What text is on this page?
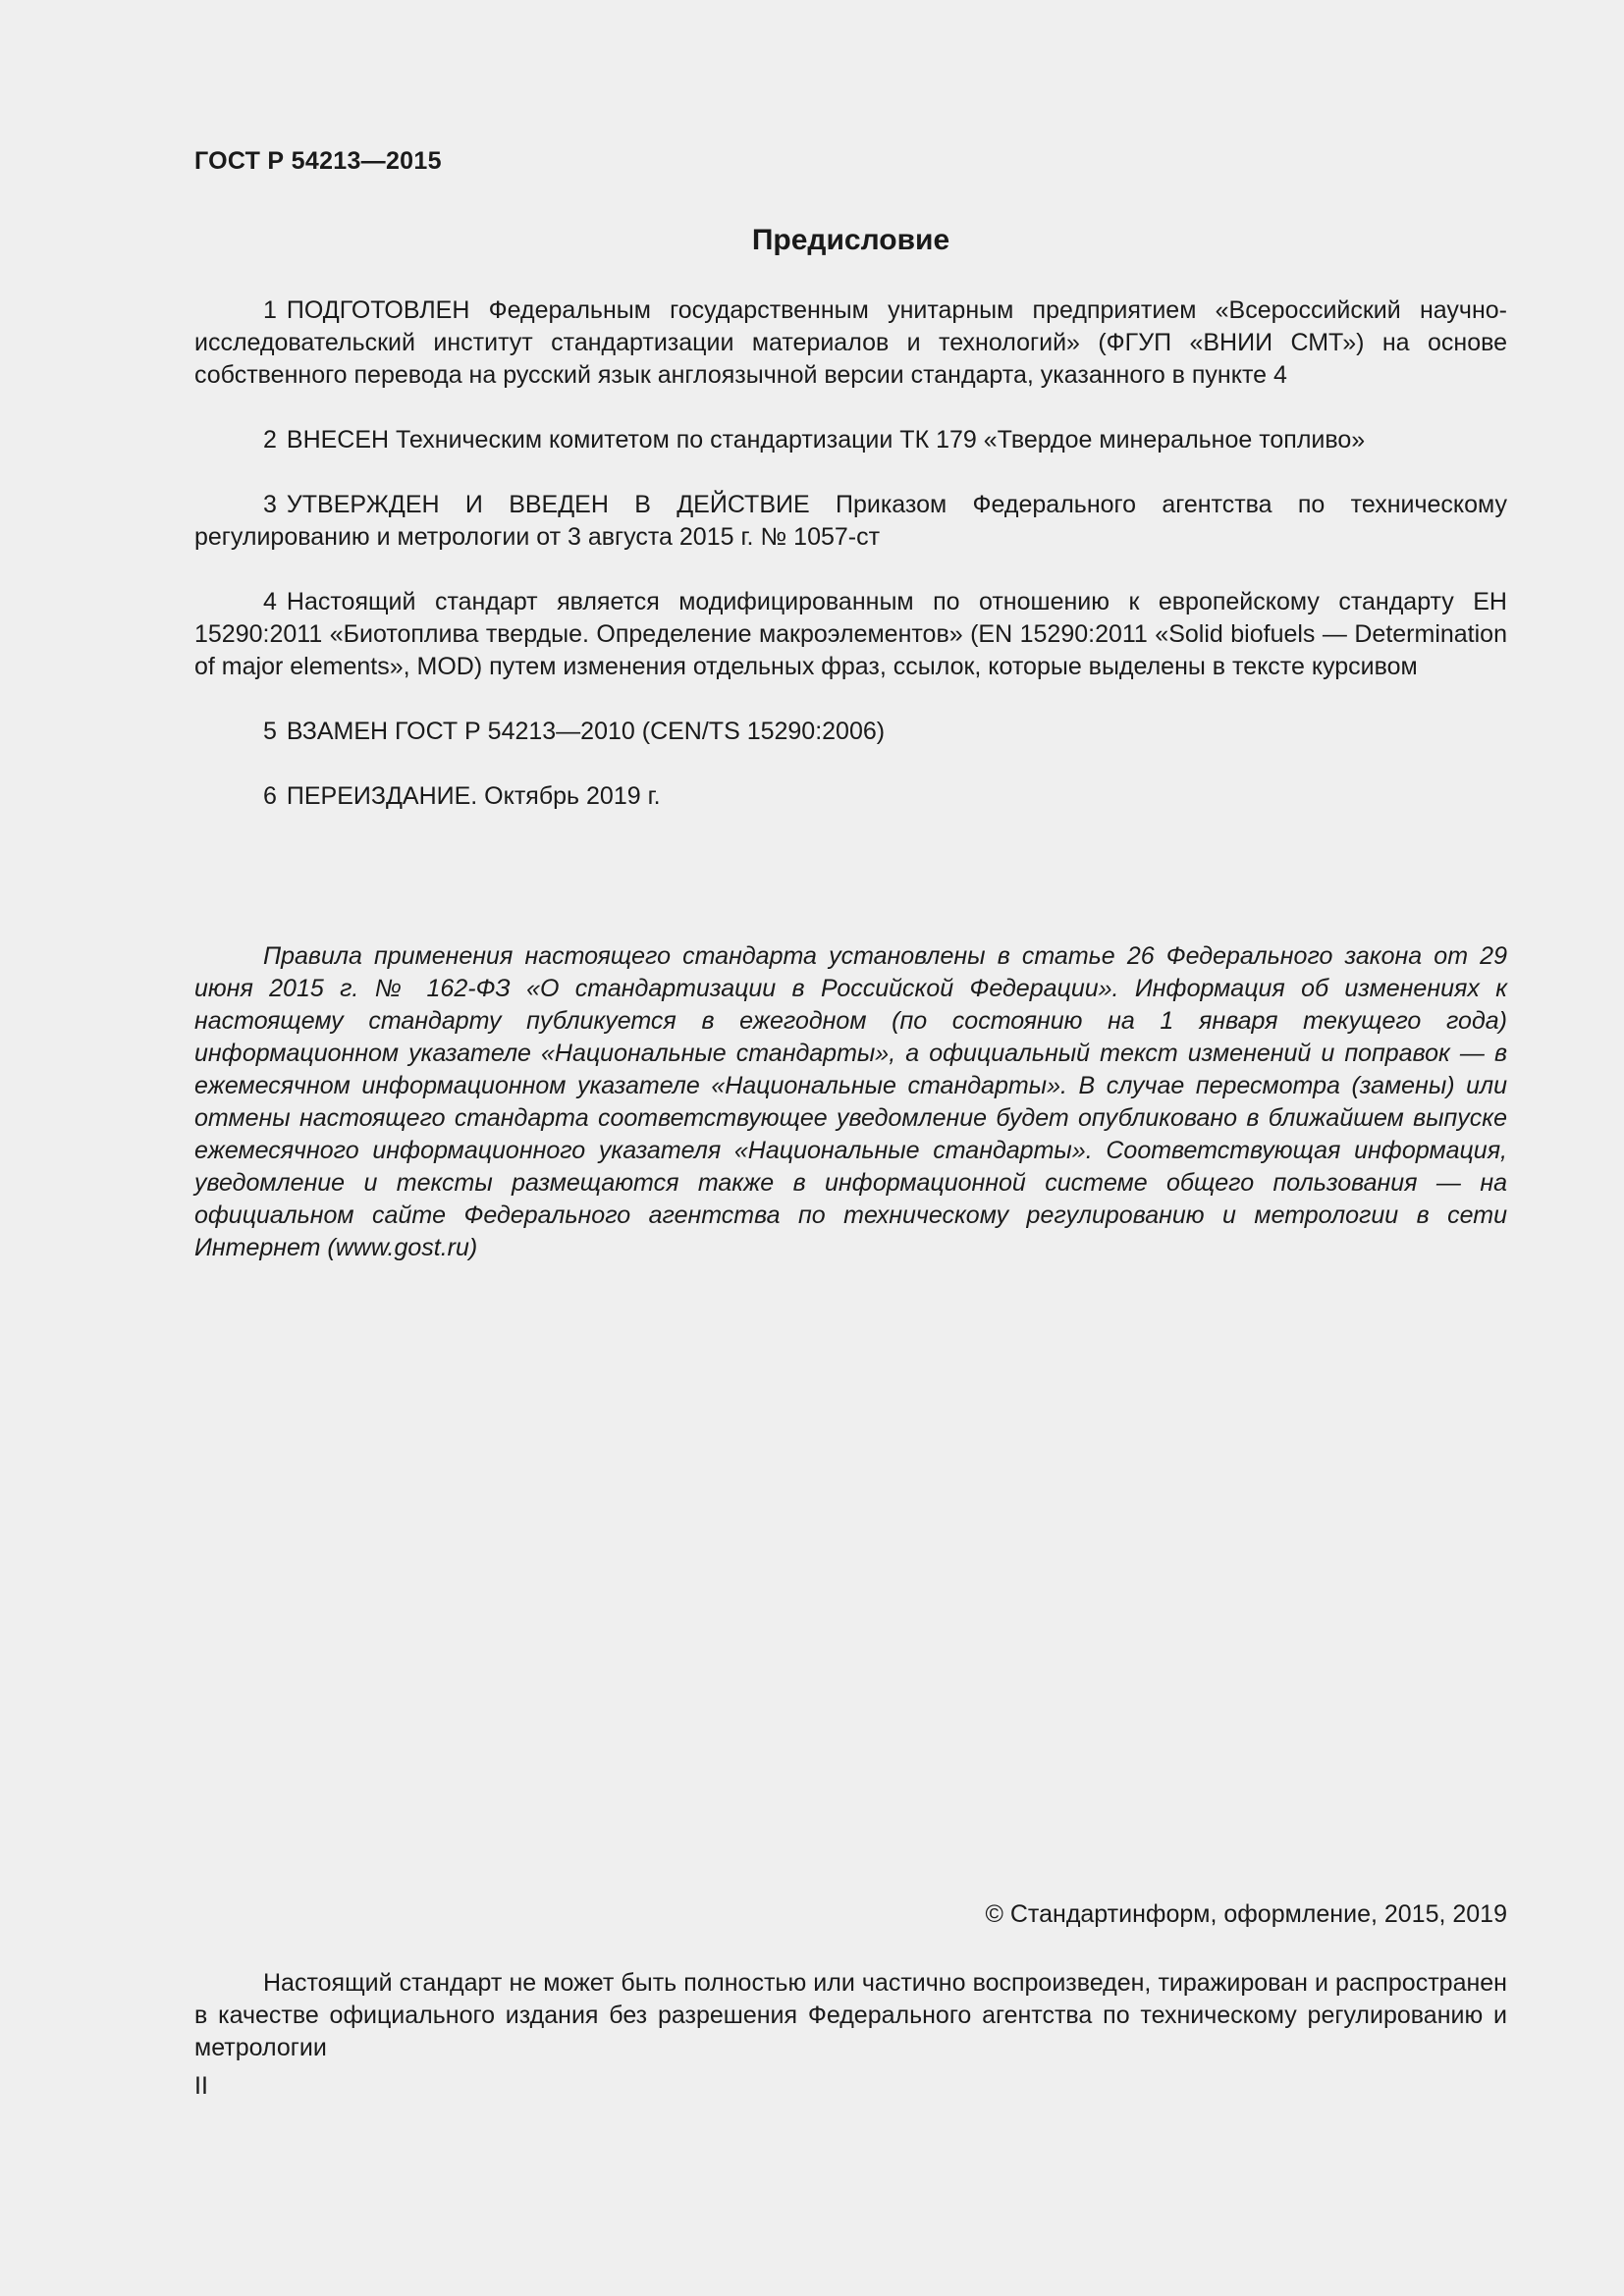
ГОСТ Р 54213—2015
Предисловие

1 ПОДГОТОВЛЕН Федеральным государственным унитарным предприятием «Всероссийский научно-исследовательский институт стандартизации материалов и технологий» (ФГУП «ВНИИ СМТ») на основе собственного перевода на русский язык англоязычной версии стандарта, указанного в пункте 4

2 ВНЕСЕН Техническим комитетом по стандартизации ТК 179 «Твердое минеральное топливо»

3 УТВЕРЖДЕН И ВВЕДЕН В ДЕЙСТВИЕ Приказом Федерального агентства по техническому регулированию и метрологии от 3 августа 2015 г. № 1057-ст

4 Настоящий стандарт является модифицированным по отношению к европейскому стандарту ЕН 15290:2011 «Биотоплива твердые. Определение макроэлементов» (EN 15290:2011 «Solid biofuels — Determination of major elements», MOD) путем изменения отдельных фраз, ссылок, которые выделены в тексте курсивом

5 ВЗАМЕН ГОСТ Р 54213—2010 (CEN/TS 15290:2006)

6 ПЕРЕИЗДАНИЕ. Октябрь 2019 г.

Правила применения настоящего стандарта установлены в статье 26 Федерального закона от 29 июня 2015 г. № 162-ФЗ «О стандартизации в Российской Федерации». Информация об изменениях к настоящему стандарту публикуется в ежегодном (по состоянию на 1 января текущего года) информационном указателе «Национальные стандарты», а официальный текст изменений и поправок — в ежемесячном информационном указателе «Национальные стандарты». В случае пересмотра (замены) или отмены настоящего стандарта соответствующее уведомление будет опубликовано в ближайшем выпуске ежемесячного информационного указателя «Национальные стандарты». Соответствующая информация, уведомление и тексты размещаются также в информационной системе общего пользования — на официальном сайте Федерального агентства по техническому регулированию и метрологии в сети Интернет (www.gost.ru)

© Стандартинформ, оформление, 2015, 2019

Настоящий стандарт не может быть полностью или частично воспроизведен, тиражирован и распространен в качестве официального издания без разрешения Федерального агентства по техническому регулированию и метрологии

II
